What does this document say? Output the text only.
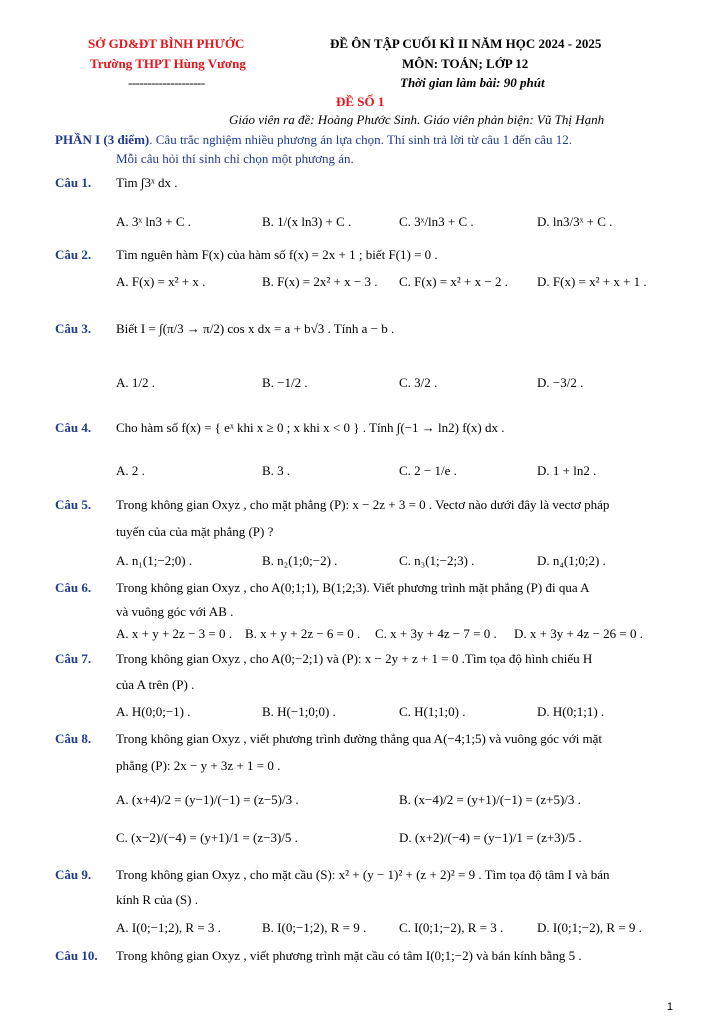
SỞ GD&ĐT BÌNH PHƯỚC
Trường THPT Hùng Vương
--------------------
ĐỀ ÔN TẬP CUỐI KÌ II NĂM HỌC 2024 - 2025
MÔN: TOÁN; LỚP 12
Thời gian làm bài: 90 phút
ĐỀ SỐ 1
Giáo viên ra đề: Hoàng Phước Sinh. Giáo viên phản biện: Vũ Thị Hạnh
PHẦN I (3 điểm). Câu trắc nghiệm nhiều phương án lựa chọn. Thí sinh trả lời từ câu 1 đến câu 12.
Mỗi câu hỏi thí sinh chỉ chọn một phương án.
Câu 1. Tìm ∫3ˣ dx .
A. 3ˣ ln3 + C .	B. 1/(x ln3) + C .	C. 3ˣ/ln3 + C .	D. ln3/3ˣ + C .
Câu 2. Tìm nguên hàm F(x) của hàm số f(x) = 2x + 1 ; biết F(1) = 0 .
A. F(x) = x² + x .	B. F(x) = 2x² + x − 3 . C. F(x) = x² + x − 2 . D. F(x) = x² + x + 1 .
Câu 3. Biết I = ∫(π/3 → π/2) cos x dx = a + b√3 . Tính a − b .
A. 1/2 .	B. −1/2 .	C. 3/2 .	D. −3/2 .
Câu 4. Cho hàm số f(x) = { eˣ khi x ≥ 0 ; x khi x < 0 } . Tính ∫(−1 → ln2) f(x) dx .
A. 2 .	B. 3 .	C. 2 − 1/e .	D. 1 + ln2 .
Câu 5. Trong không gian Oxyz , cho mặt phẳng (P): x − 2z + 3 = 0 . Vectơ nào dưới đây là vectơ pháp
tuyến của của mặt phẳng (P) ?
A. n₁(1;−2;0) .	B. n₂(1;0;−2) .	C. n₃(1;−2;3) .	D. n₄(1;0;2) .
Câu 6. Trong không gian Oxyz , cho A(0;1;1), B(1;2;3). Viết phương trình mặt phẳng (P) đi qua A
và vuông góc với AB .
A. x + y + 2z − 3 = 0 . B. x + y + 2z − 6 = 0 . C. x + 3y + 4z − 7 = 0 . D. x + 3y + 4z − 26 = 0 .
Câu 7. Trong không gian Oxyz , cho A(0;−2;1) và (P): x − 2y + z + 1 = 0 .Tìm tọa độ hình chiếu H
của A trên (P) .
A. H(0;0;−1) .	B. H(−1;0;0) .	C. H(1;1;0) .	D. H(0;1;1) .
Câu 8. Trong không gian Oxyz , viết phương trình đường thẳng qua A(−4;1;5) và vuông góc với mặt
phẳng (P): 2x − y + 3z + 1 = 0 .
A. (x+4)/2 = (y−1)/(−1) = (z−5)/3 .	B. (x−4)/2 = (y+1)/(−1) = (z+5)/3 .
C. (x−2)/(−4) = (y+1)/1 = (z−3)/5 .	D. (x+2)/(−4) = (y−1)/1 = (z+3)/5 .
Câu 9. Trong không gian Oxyz , cho mặt cầu (S): x² + (y − 1)² + (z + 2)² = 9 . Tìm tọa độ tâm I và bán
kính R của (S) .
A. I(0;−1;2), R = 3 .	B. I(0;−1;2), R = 9 .	C. I(0;1;−2), R = 3 .	D. I(0;1;−2), R = 9 .
Câu 10. Trong không gian Oxyz , viết phương trình mặt cầu có tâm I(0;1;−2) và bán kính bằng 5 .
1
